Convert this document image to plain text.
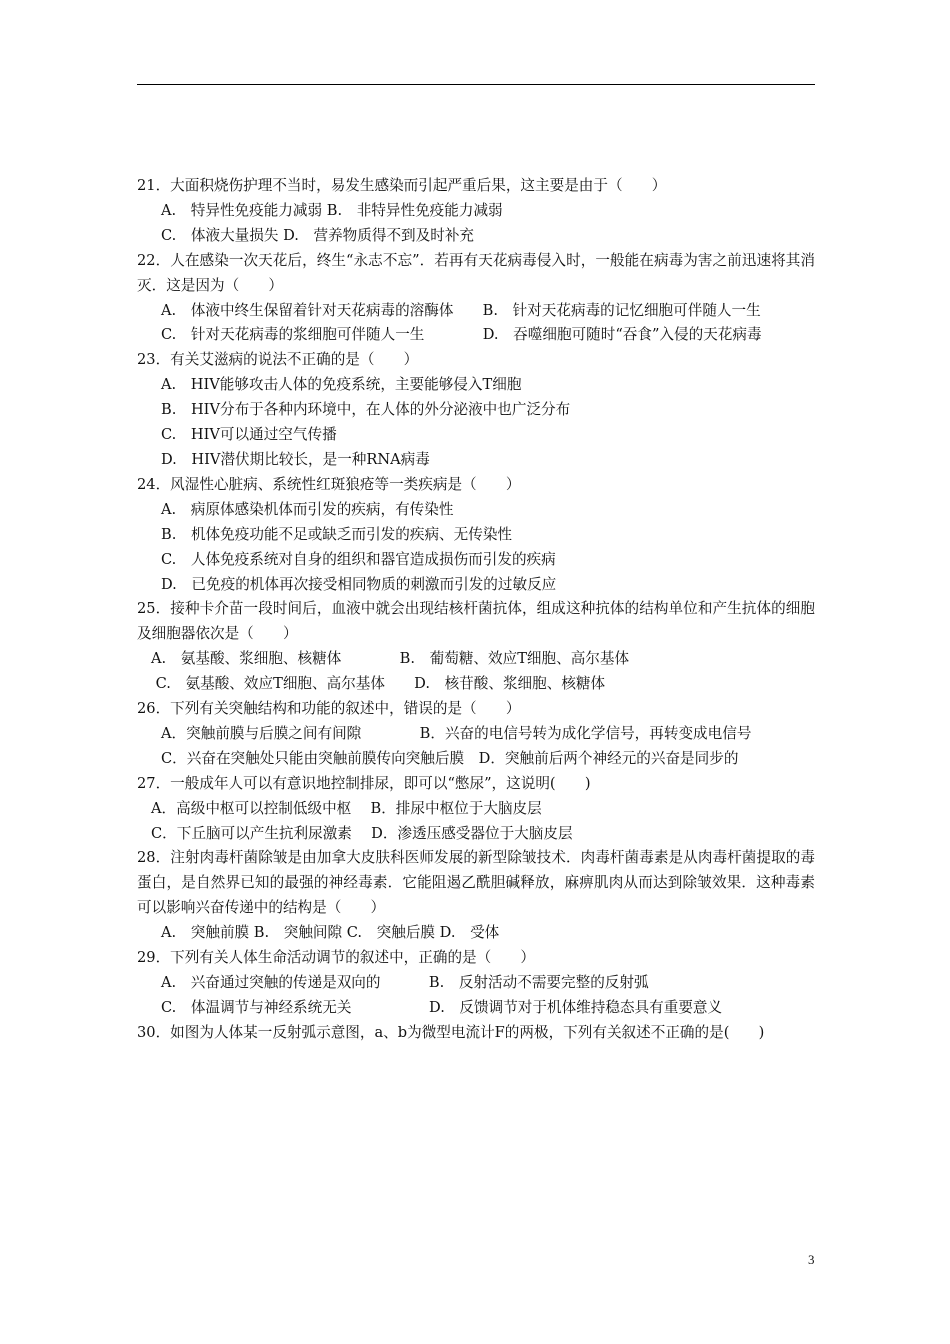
21．大面积烧伤护理不当时，易发生感染而引起严重后果，这主要是由于（　　）
A.　特异性免疫能力减弱 B.　非特异性免疫能力减弱
C.　体液大量损失 D.　营养物质得不到及时补充
22．人在感染一次天花后，终生“永志不忘”．若再有天花病毒侵入时，一般能在病毒为害之前迅速将其消灭．这是因为（　　）
A.　体液中终生保留着针对天花病毒的溶酶体　　B.　针对天花病毒的记忆细胞可伴随人一生
C.　针对天花病毒的浆细胞可伴随人一生　　　　D.　吞噬细胞可随时“吞食”入侵的天花病毒
23．有关艾滋病的说法不正确的是（　　）
A.　HIV能够攻击人体的免疫系统，主要能够侵入T细胞
B.　HIV分布于各种内环境中，在人体的外分泌液中也广泛分布
C.　HIV可以通过空气传播
D.　HIV潜伏期比较长，是一种RNA病毒
24．风湿性心脏病、系统性红斑狼疮等一类疾病是（　　）
A.　病原体感染机体而引发的疾病，有传染性
B.　机体免疫功能不足或缺乏而引发的疾病、无传染性
C.　人体免疫系统对自身的组织和器官造成损伤而引发的疾病
D.　已免疫的机体再次接受相同物质的刺激而引发的过敏反应
25．接种卡介苗一段时间后，血液中就会出现结核杆菌抗体，组成这种抗体的结构单位和产生抗体的细胞及细胞器依次是（　　）
A.　氨基酸、浆细胞、核糖体　　　　B.　葡萄糖、效应T细胞、高尔基体
C.　氨基酸、效应T细胞、高尔基体　　D.　核苷酸、浆细胞、核糖体
26．下列有关突触结构和功能的叙述中，错误的是（　　）
A．突触前膜与后膜之间有间隙　　　　B．兴奋的电信号转为成化学信号，再转变成电信号
C．兴奋在突触处只能由突触前膜传向突触后膜　D．突触前后两个神经元的兴奋是同步的
27．一般成年人可以有意识地控制排尿，即可以“憋尿”，这说明(　　)
A．高级中枢可以控制低级中枢　 B．排尿中枢位于大脑皮层
C．下丘脑可以产生抗利尿激素　 D．渗透压感受器位于大脑皮层
28．注射肉毒杆菌除皱是由加拿大皮肤科医师发展的新型除皱技术．肉毒杆菌毒素是从肉毒杆菌提取的毒蛋白，是自然界已知的最强的神经毒素．它能阻遏乙酰胆碱释放，麻痹肌肉从而达到除皱效果．这种毒素可以影响兴奋传递中的结构是（　　）
A.　突触前膜 B.　突触间隙 C.　突触后膜 D.　受体
29．下列有关人体生命活动调节的叙述中，正确的是（　　）
A.　兴奋通过突触的传递是双向的　　　 B.　反射活动不需要完整的反射弧
C.　体温调节与神经系统无关　　　　　 D.　反馈调节对于机体维持稳态具有重要意义
30．如图为人体某一反射弧示意图，a、b为微型电流计F的两极，下列有关叙述不正确的是(　　)
3
